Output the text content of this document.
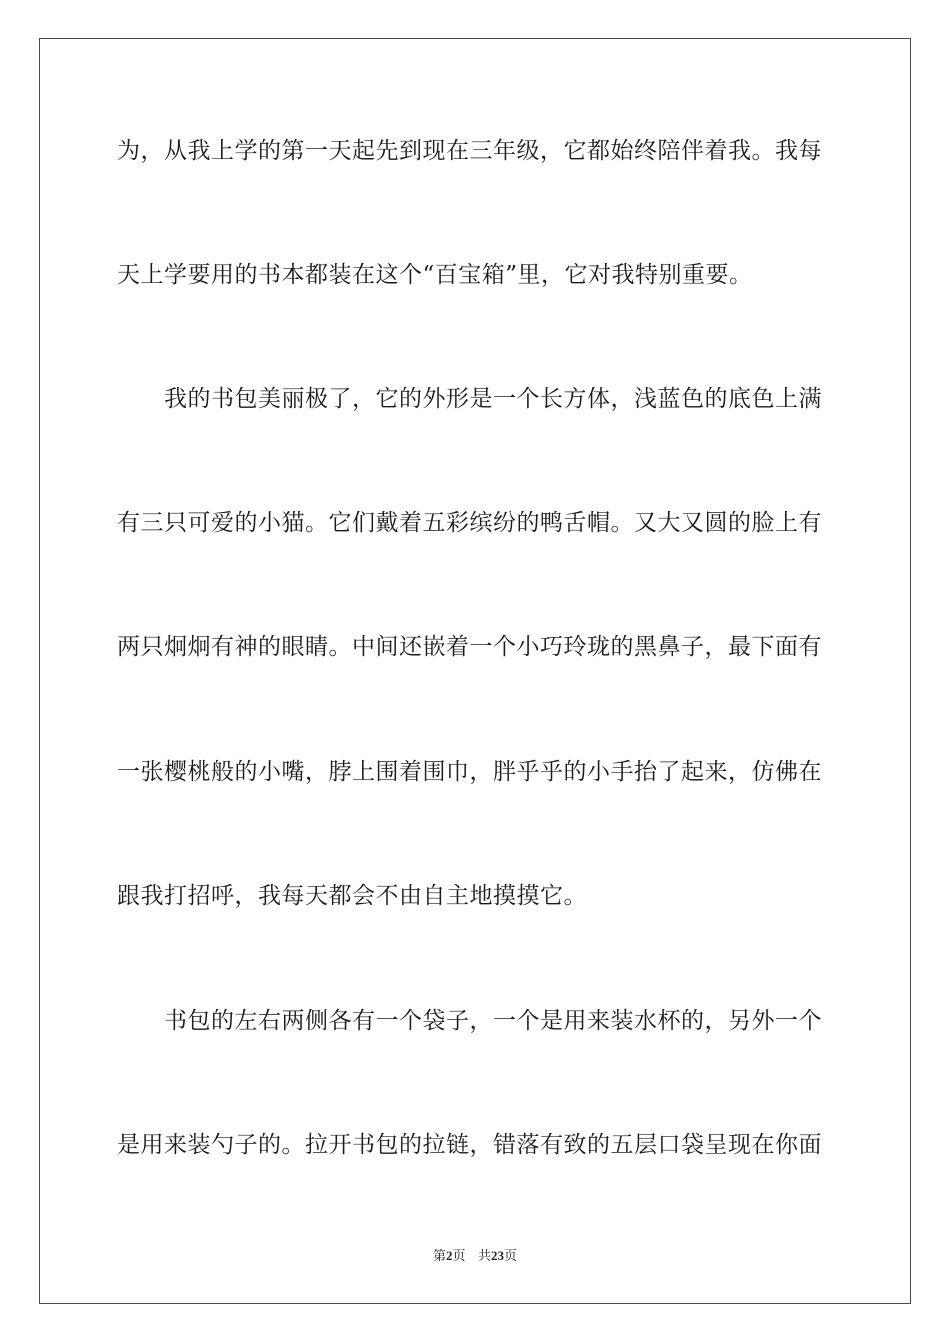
为，从我上学的第一天起先到现在三年级，它都始终陪伴着我。我每
天上学要用的书本都装在这个“百宝箱”里，它对我特别重要。
我的书包美丽极了，它的外形是一个长方体，浅蓝色的底色上满
有三只可爱的小猫。它们戴着五彩缤纷的鸭舌帽。又大又圆的脸上有
两只炯炯有神的眼睛。中间还嵌着一个小巧玲珑的黑鼻子，最下面有
一张樱桃般的小嘴，脖上围着围巾，胖乎乎的小手抬了起来，仿佛在
跟我打招呼，我每天都会不由自主地摸摸它。
书包的左右两侧各有一个袋子，一个是用来装水杯的，另外一个
是用来装勺子的。拉开书包的拉链，错落有致的五层口袋呈现在你面
第2页 共23页
